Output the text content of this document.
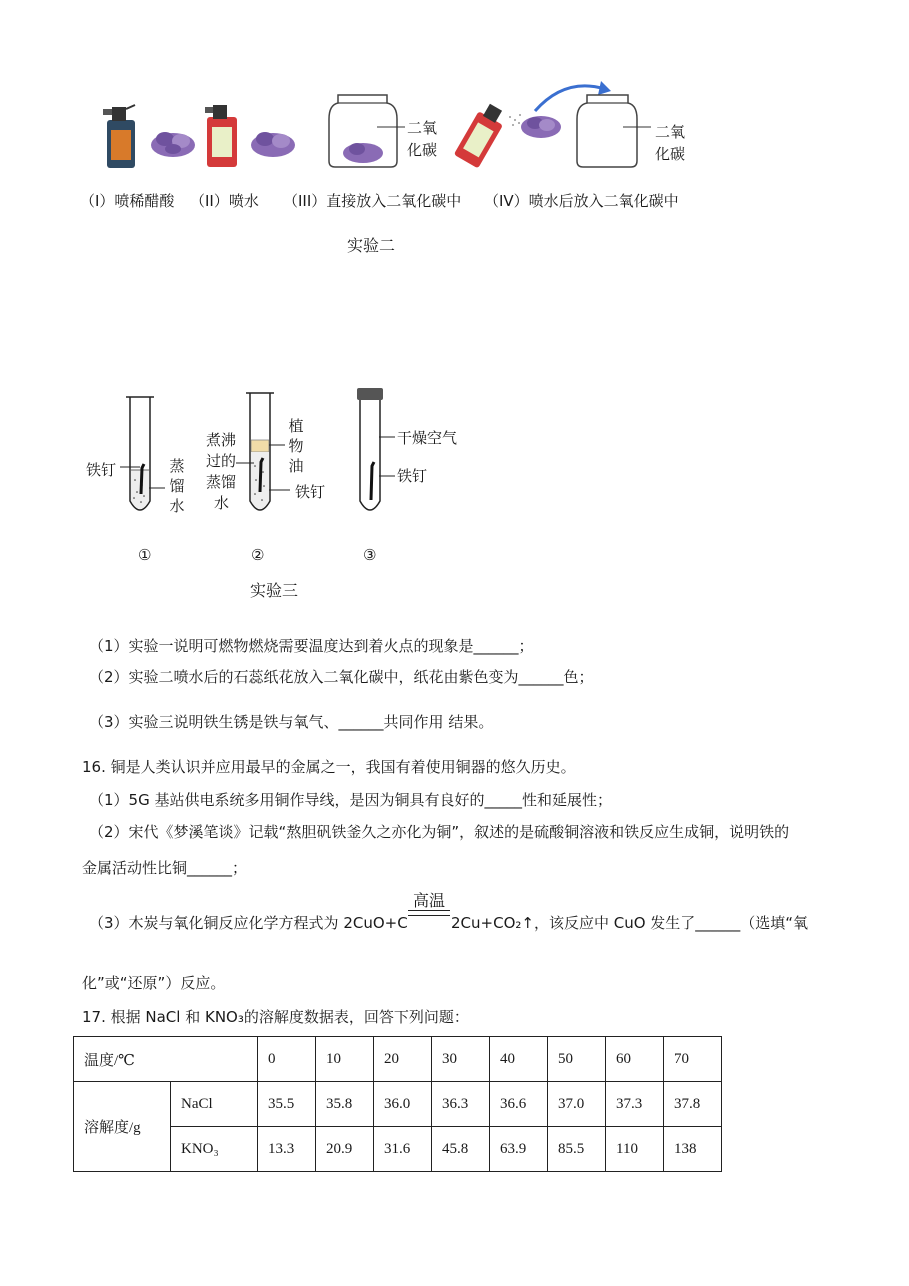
二氧
化碳
二氧
化碳
（I）喷稀醋酸 （II）喷水 （III）直接放入二氧化碳中 （IV）喷水后放入二氧化碳中
实验二
铁钉	蒸馏水
煮沸
过的
蒸馏
水
植物油
铁钉
干燥空气
铁钉
①	②	③
实验三
（1）实验一说明可燃物燃烧需要温度达到着火点的现象是______；
（2）实验二喷水后的石蕊纸花放入二氧化碳中，纸花由紫色变为______色；
（3）实验三说明铁生锈是铁与氧气、______共同作用 结果。
16. 铜是人类认识并应用最早的金属之一，我国有着使用铜器的悠久历史。
（1）5G 基站供电系统多用铜作导线，是因为铜具有良好的_____性和延展性；
（2）宋代《梦溪笔谈》记载“熬胆矾铁釜久之亦化为铜”，叙述的是硫酸铜溶液和铁反应生成铜，说明铁的
金属活动性比铜______；
（3）木炭与氧化铜反应化学方程式为 2CuO+C
高温
2Cu+CO₂↑，该反应中 CuO 发生了______（选填“氧
化”或“还原”）反应。
17. 根据 NaCl 和 KNO₃的溶解度数据表，回答下列问题：
温度/℃		0	10	20	30	40	50	60	70
溶解度/g	NaCl	35.5	35.8	36.0	36.3	36.6	37.0	37.3	37.8
	KNO₃	13.3	20.9	31.6	45.8	63.9	85.5	110	138
